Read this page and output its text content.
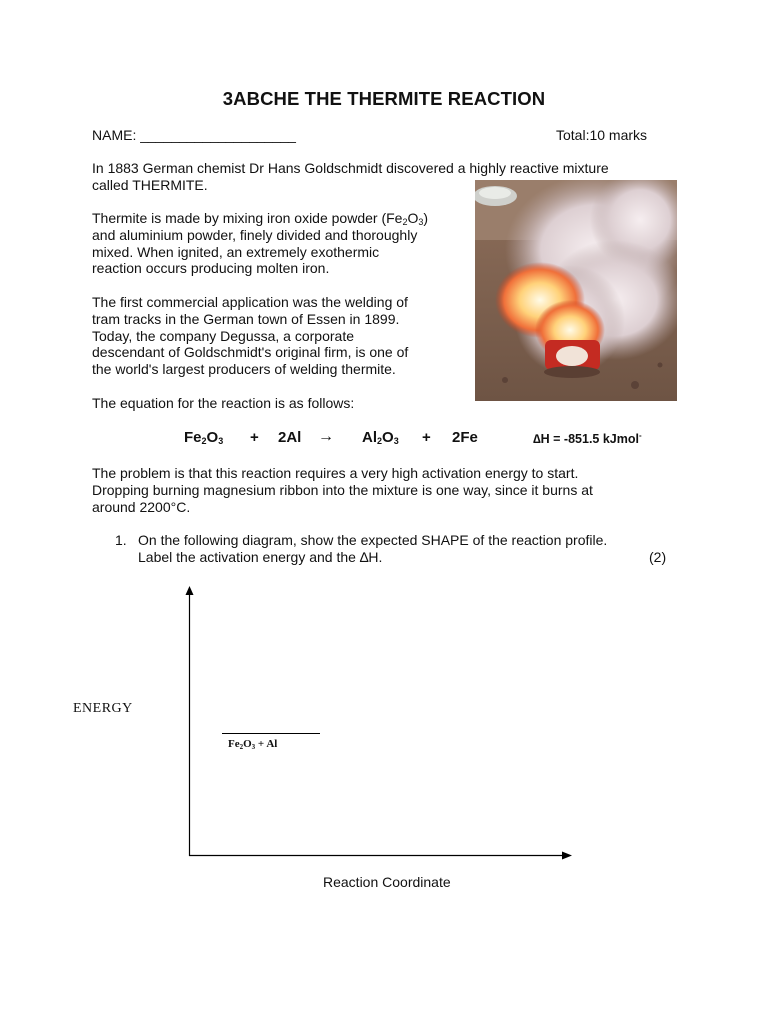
3ABCHE THE THERMITE REACTION
NAME: ____________________	Total:10 marks
In 1883 German chemist Dr Hans Goldschmidt discovered a highly reactive mixture
called THERMITE.
Thermite is made by mixing iron oxide powder $(Fe_2O_3)$
and aluminium powder, finely divided and thoroughly
mixed. When ignited, an extremely exothermic
reaction occurs producing molten iron.
The first commercial application was the welding of
tram tracks in the German town of Essen in 1899.
Today, the company Degussa, a corporate
descendant of Goldschmidt's original firm, is one of
the world's largest producers of welding thermite.
The equation for the reaction is as follows:
$Fe_2O_3 + 2Al \to Al_2O_3 + 2Fe$	∆H = -851.5 kJmol-
The problem is that this reaction requires a very high activation energy to start.
Dropping burning magnesium ribbon into the mixture is one way, since it burns at
around 2200°C.
1. On the following diagram, show the expected SHAPE of the reaction profile.
Label the activation energy and the ∆H.	(2)
ENERGY
$Fe_2O_3 + Al$
Reaction Coordinate
